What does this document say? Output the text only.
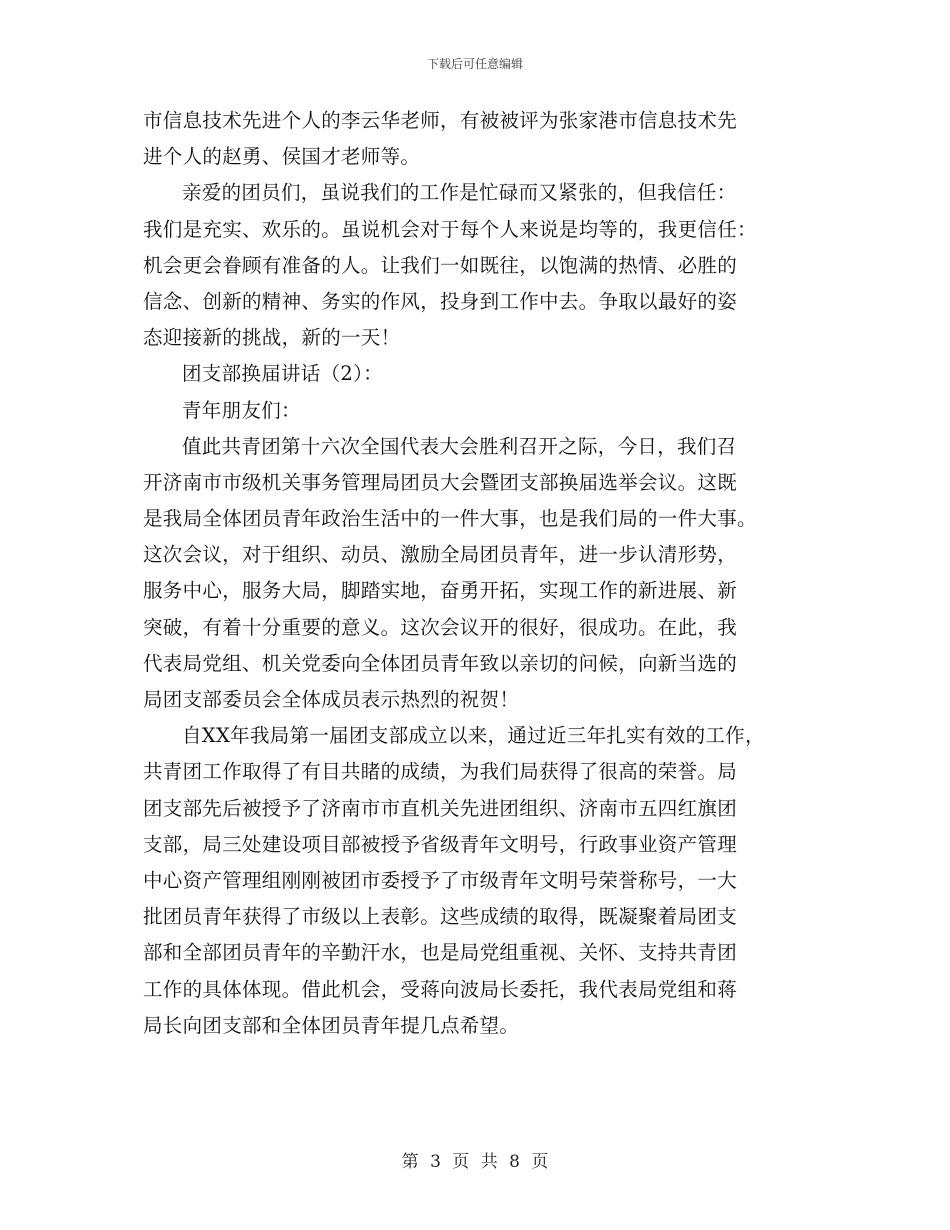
下载后可任意编辑
市信息技术先进个人的李云华老师，有被被评为张家港市信息技术先
进个人的赵勇、侯国才老师等。
亲爱的团员们，虽说我们的工作是忙碌而又紧张的，但我信任：
我们是充实、欢乐的。虽说机会对于每个人来说是均等的，我更信任：
机会更会眷顾有准备的人。让我们一如既往，以饱满的热情、必胜的
信念、创新的精神、务实的作风，投身到工作中去。争取以最好的姿
态迎接新的挑战，新的一天！
团支部换届讲话（2）：
青年朋友们：
值此共青团第十六次全国代表大会胜利召开之际，今日，我们召
开济南市市级机关事务管理局团员大会暨团支部换届选举会议。这既
是我局全体团员青年政治生活中的一件大事，也是我们局的一件大事。
这次会议，对于组织、动员、激励全局团员青年，进一步认清形势，
服务中心，服务大局，脚踏实地，奋勇开拓，实现工作的新进展、新
突破，有着十分重要的意义。这次会议开的很好，很成功。在此，我
代表局党组、机关党委向全体团员青年致以亲切的问候，向新当选的
局团支部委员会全体成员表示热烈的祝贺！
自XX年我局第一届团支部成立以来，通过近三年扎实有效的工作，
共青团工作取得了有目共睹的成绩，为我们局获得了很高的荣誉。局
团支部先后被授予了济南市市直机关先进团组织、济南市五四红旗团
支部，局三处建设项目部被授予省级青年文明号，行政事业资产管理
中心资产管理组刚刚被团市委授予了市级青年文明号荣誉称号，一大
批团员青年获得了市级以上表彰。这些成绩的取得，既凝聚着局团支
部和全部团员青年的辛勤汗水，也是局党组重视、关怀、支持共青团
工作的具体体现。借此机会，受蒋向波局长委托，我代表局党组和蒋
局长向团支部和全体团员青年提几点希望。
第 3 页 共 8 页
